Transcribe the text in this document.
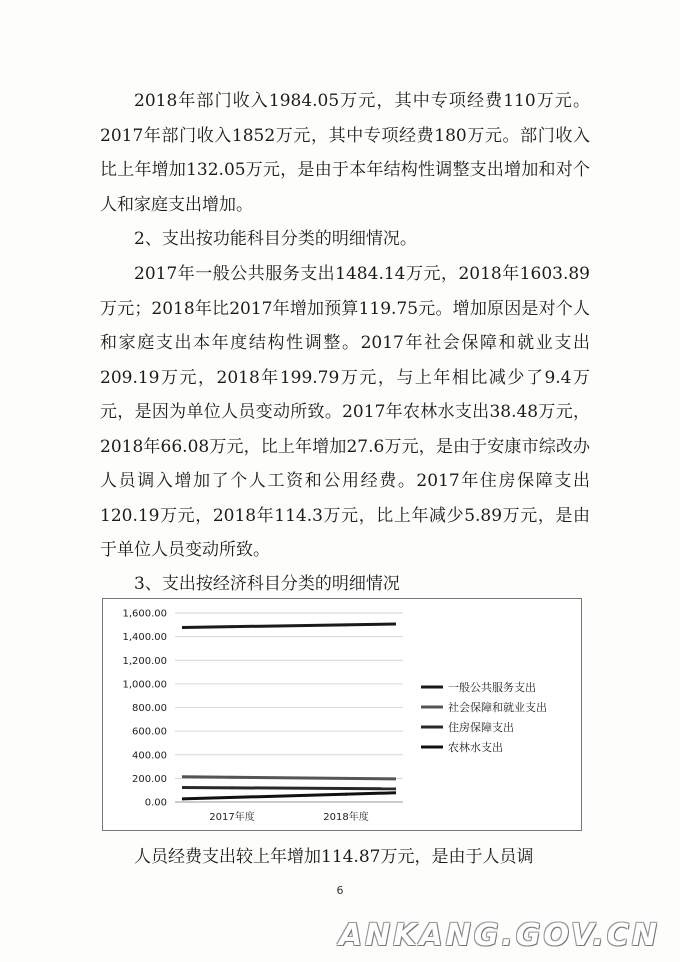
2018年部门收入1984.05万元，其中专项经费110万元。2017年部门收入1852万元，其中专项经费180万元。部门收入比上年增加132.05万元，是由于本年结构性调整支出增加和对个人和家庭支出增加。

2、支出按功能科目分类的明细情况。

2017年一般公共服务支出1484.14万元，2018年1603.89万元；2018年比2017年增加预算119.75元。增加原因是对个人和家庭支出本年度结构性调整。2017年社会保障和就业支出209.19万元，2018年199.79万元，与上年相比减少了9.4万元，是因为单位人员变动所致。2017年农林水支出38.48万元，2018年66.08万元，比上年增加27.6万元，是由于安康市综改办人员调入增加了个人工资和公用经费。2017年住房保障支出120.19万元，2018年114.3万元，比上年减少5.89万元，是由于单位人员变动所致。

3、支出按经济科目分类的明细情况

0.00
200.00
400.00
600.00
800.00
1,000.00
1,200.00
1,400.00
1,600.00
2017年度	2018年度
一般公共服务支出
社会保障和就业支出
住房保障支出
农林水支出

人员经费支出较上年增加114.87万元，是由于人员调

6
ANKANG.GOV.CN
